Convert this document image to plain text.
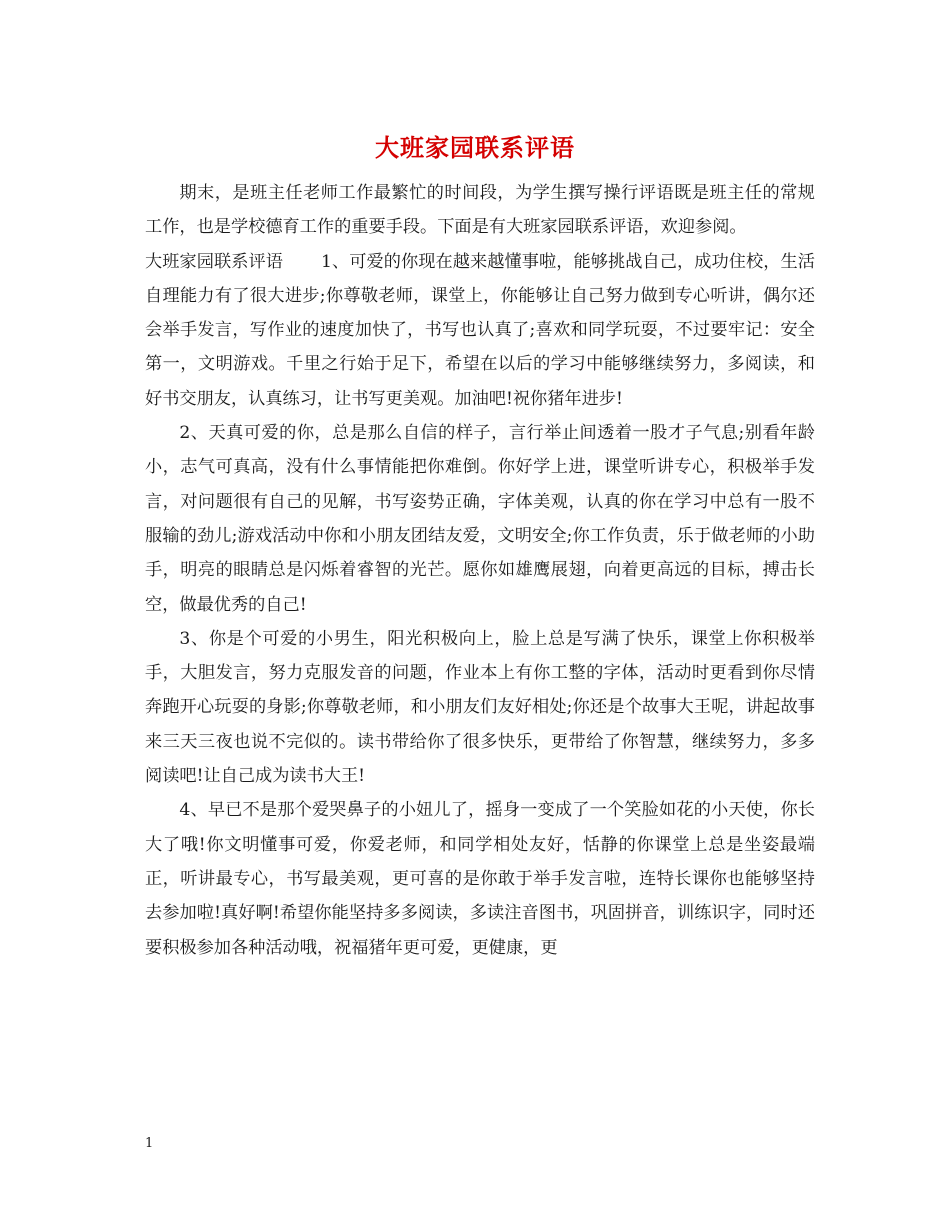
大班家园联系评语

期末，是班主任老师工作最繁忙的时间段，为学生撰写操行评语既是班主任的常规工作，也是学校德育工作的重要手段。下面是有大班家园联系评语，欢迎参阅。

大班家园联系评语 1、可爱的你现在越来越懂事啦，能够挑战自己，成功住校，生活自理能力有了很大进步;你尊敬老师，课堂上，你能够让自己努力做到专心听讲，偶尔还会举手发言，写作业的速度加快了，书写也认真了;喜欢和同学玩耍，不过要牢记：安全第一，文明游戏。千里之行始于足下，希望在以后的学习中能够继续努力，多阅读，和好书交朋友，认真练习，让书写更美观。加油吧!祝你猪年进步!

2、天真可爱的你，总是那么自信的样子，言行举止间透着一股才子气息;别看年龄小，志气可真高，没有什么事情能把你难倒。你好学上进，课堂听讲专心，积极举手发言，对问题很有自己的见解，书写姿势正确，字体美观，认真的你在学习中总有一股不服输的劲儿;游戏活动中你和小朋友团结友爱，文明安全;你工作负责，乐于做老师的小助手，明亮的眼睛总是闪烁着睿智的光芒。愿你如雄鹰展翅，向着更高远的目标，搏击长空，做最优秀的自己!

3、你是个可爱的小男生，阳光积极向上，脸上总是写满了快乐，课堂上你积极举手，大胆发言，努力克服发音的问题，作业本上有你工整的字体，活动时更看到你尽情奔跑开心玩耍的身影;你尊敬老师，和小朋友们友好相处;你还是个故事大王呢，讲起故事来三天三夜也说不完似的。读书带给你了很多快乐，更带给了你智慧，继续努力，多多阅读吧!让自己成为读书大王!

4、早已不是那个爱哭鼻子的小妞儿了，摇身一变成了一个笑脸如花的小天使，你长大了哦!你文明懂事可爱，你爱老师，和同学相处友好，恬静的你课堂上总是坐姿最端正，听讲最专心，书写最美观，更可喜的是你敢于举手发言啦，连特长课你也能够坚持去参加啦!真好啊!希望你能坚持多多阅读，多读注音图书，巩固拼音，训练识字，同时还要积极参加各种活动哦，祝福猪年更可爱，更健康，更

1
